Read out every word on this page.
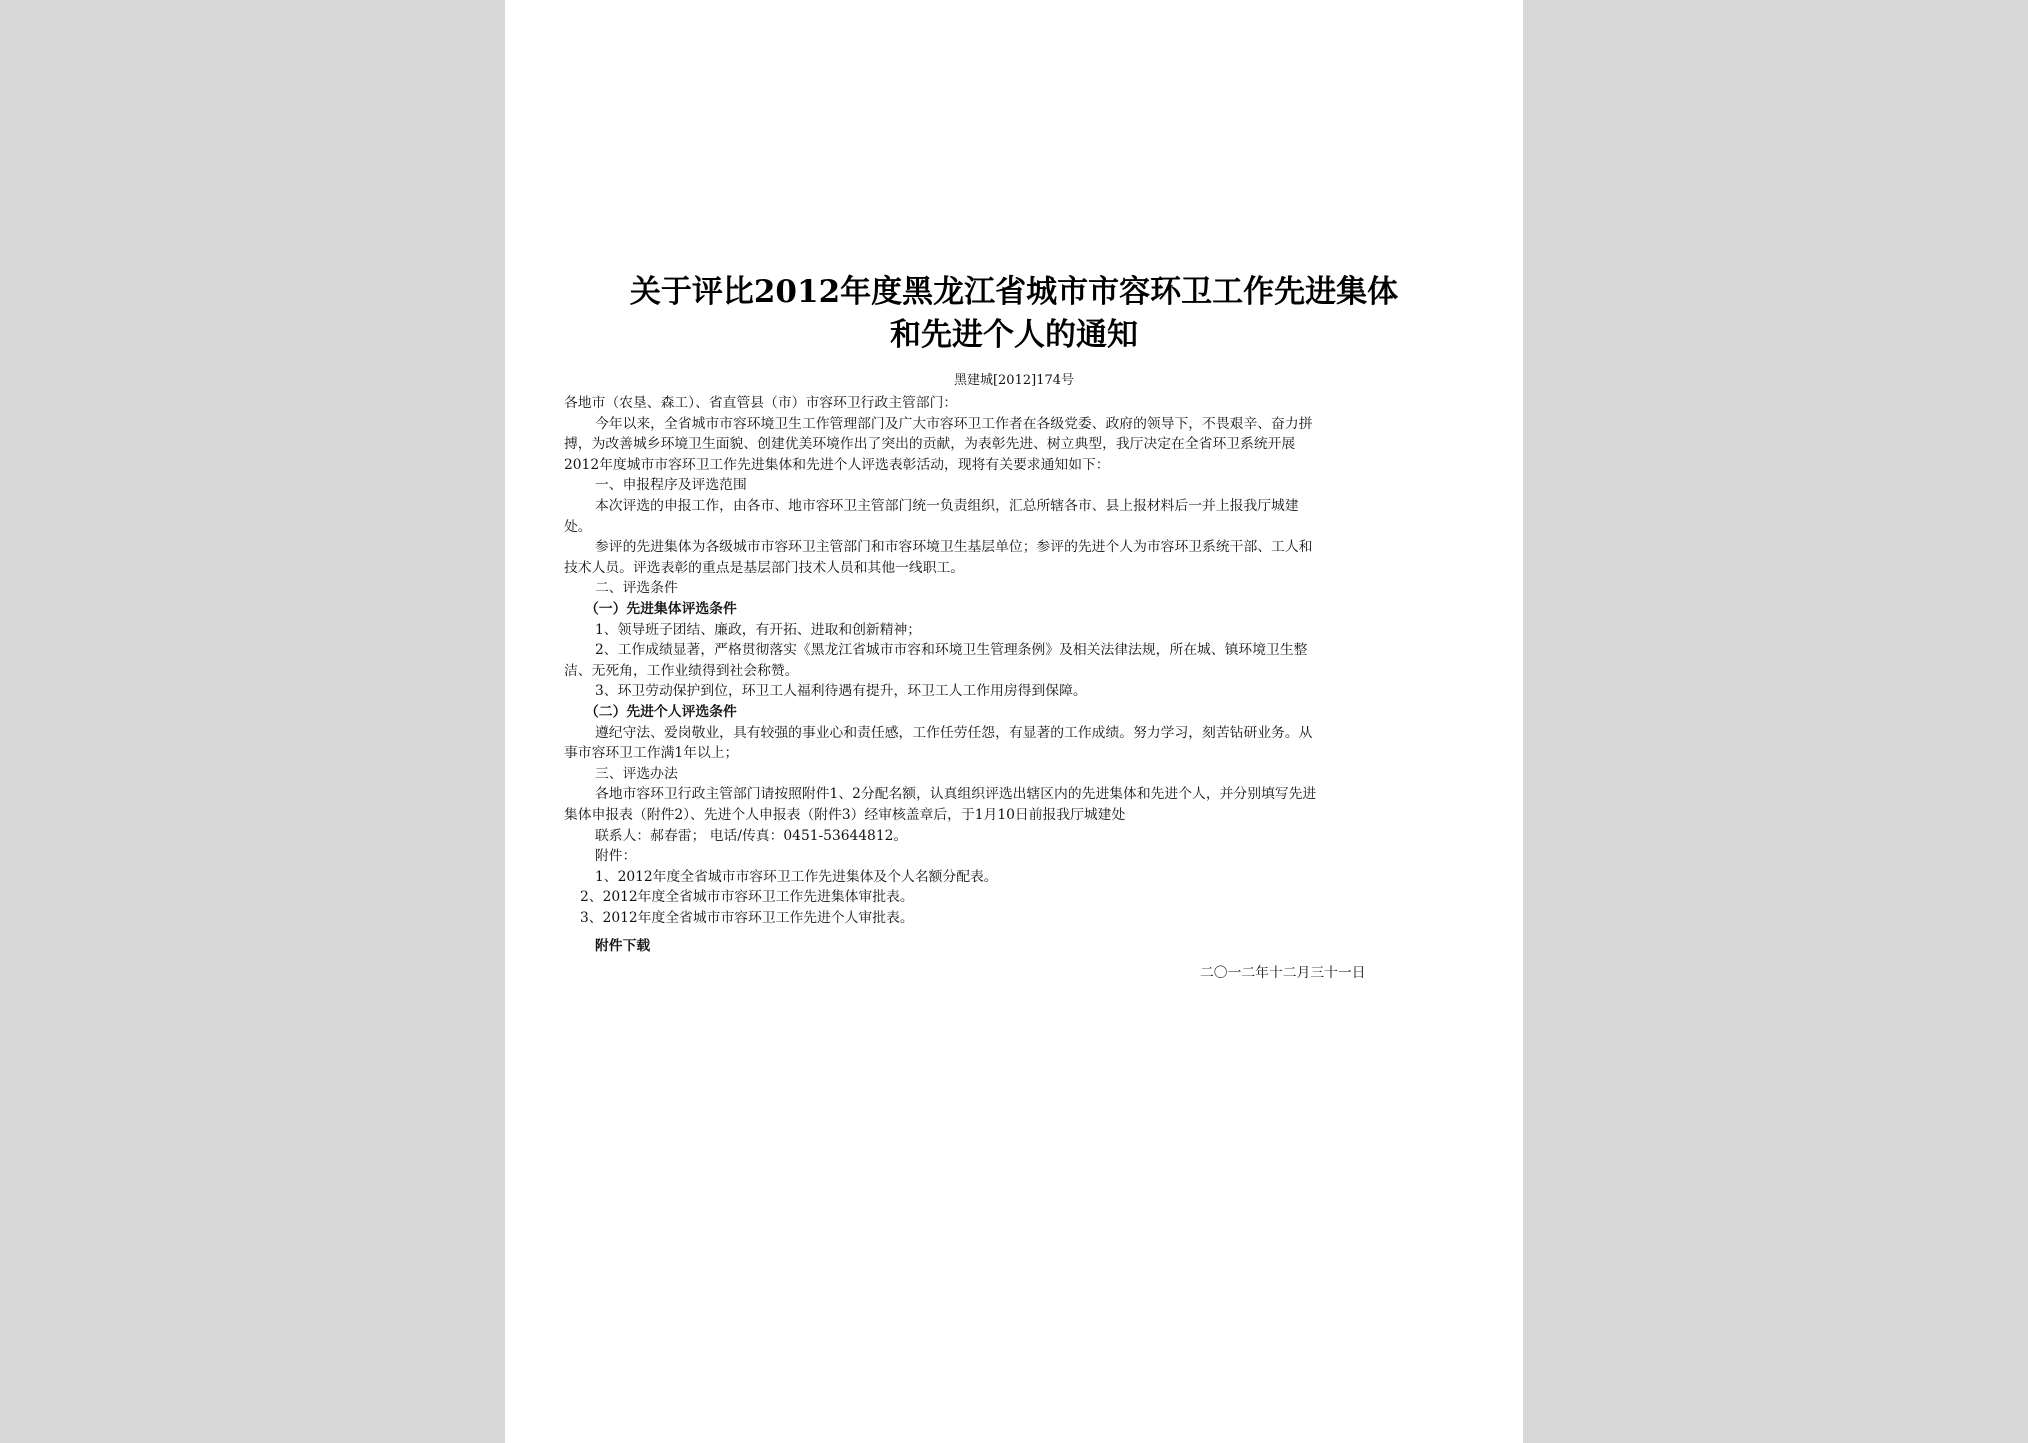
关于评比2012年度黑龙江省城市市容环卫工作先进集体
和先进个人的通知
黑建城[2012]174号
各地市（农垦、森工）、省直管县（市）市容环卫行政主管部门：
今年以来，全省城市市容环境卫生工作管理部门及广大市容环卫工作者在各级党委、政府的领导下，不畏艰辛、奋力拼
搏，为改善城乡环境卫生面貌、创建优美环境作出了突出的贡献，为表彰先进、树立典型，我厅决定在全省环卫系统开展
2012年度城市市容环卫工作先进集体和先进个人评选表彰活动，现将有关要求通知如下：
一、申报程序及评选范围
本次评选的申报工作，由各市、地市容环卫主管部门统一负责组织，汇总所辖各市、县上报材料后一并上报我厅城建
处。
参评的先进集体为各级城市市容环卫主管部门和市容环境卫生基层单位；参评的先进个人为市容环卫系统干部、工人和
技术人员。评选表彰的重点是基层部门技术人员和其他一线职工。
二、评选条件
（一）先进集体评选条件
1、领导班子团结、廉政，有开拓、进取和创新精神；
2、工作成绩显著，严格贯彻落实《黑龙江省城市市容和环境卫生管理条例》及相关法律法规，所在城、镇环境卫生整
洁、无死角，工作业绩得到社会称赞。
3、环卫劳动保护到位，环卫工人福利待遇有提升，环卫工人工作用房得到保障。
（二）先进个人评选条件
遵纪守法、爱岗敬业，具有较强的事业心和责任感，工作任劳任怨，有显著的工作成绩。努力学习，刻苦钻研业务。从
事市容环卫工作满1年以上；
三、评选办法
各地市容环卫行政主管部门请按照附件1、2分配名额，认真组织评选出辖区内的先进集体和先进个人，并分别填写先进
集体申报表（附件2）、先进个人申报表（附件3）经审核盖章后，于1月10日前报我厅城建处
联系人：郝春雷； 电话/传真：0451-53644812。
附件：
1、2012年度全省城市市容环卫工作先进集体及个人名额分配表。
2、2012年度全省城市市容环卫工作先进集体审批表。
3、2012年度全省城市市容环卫工作先进个人审批表。
附件下载
二〇一二年十二月三十一日
